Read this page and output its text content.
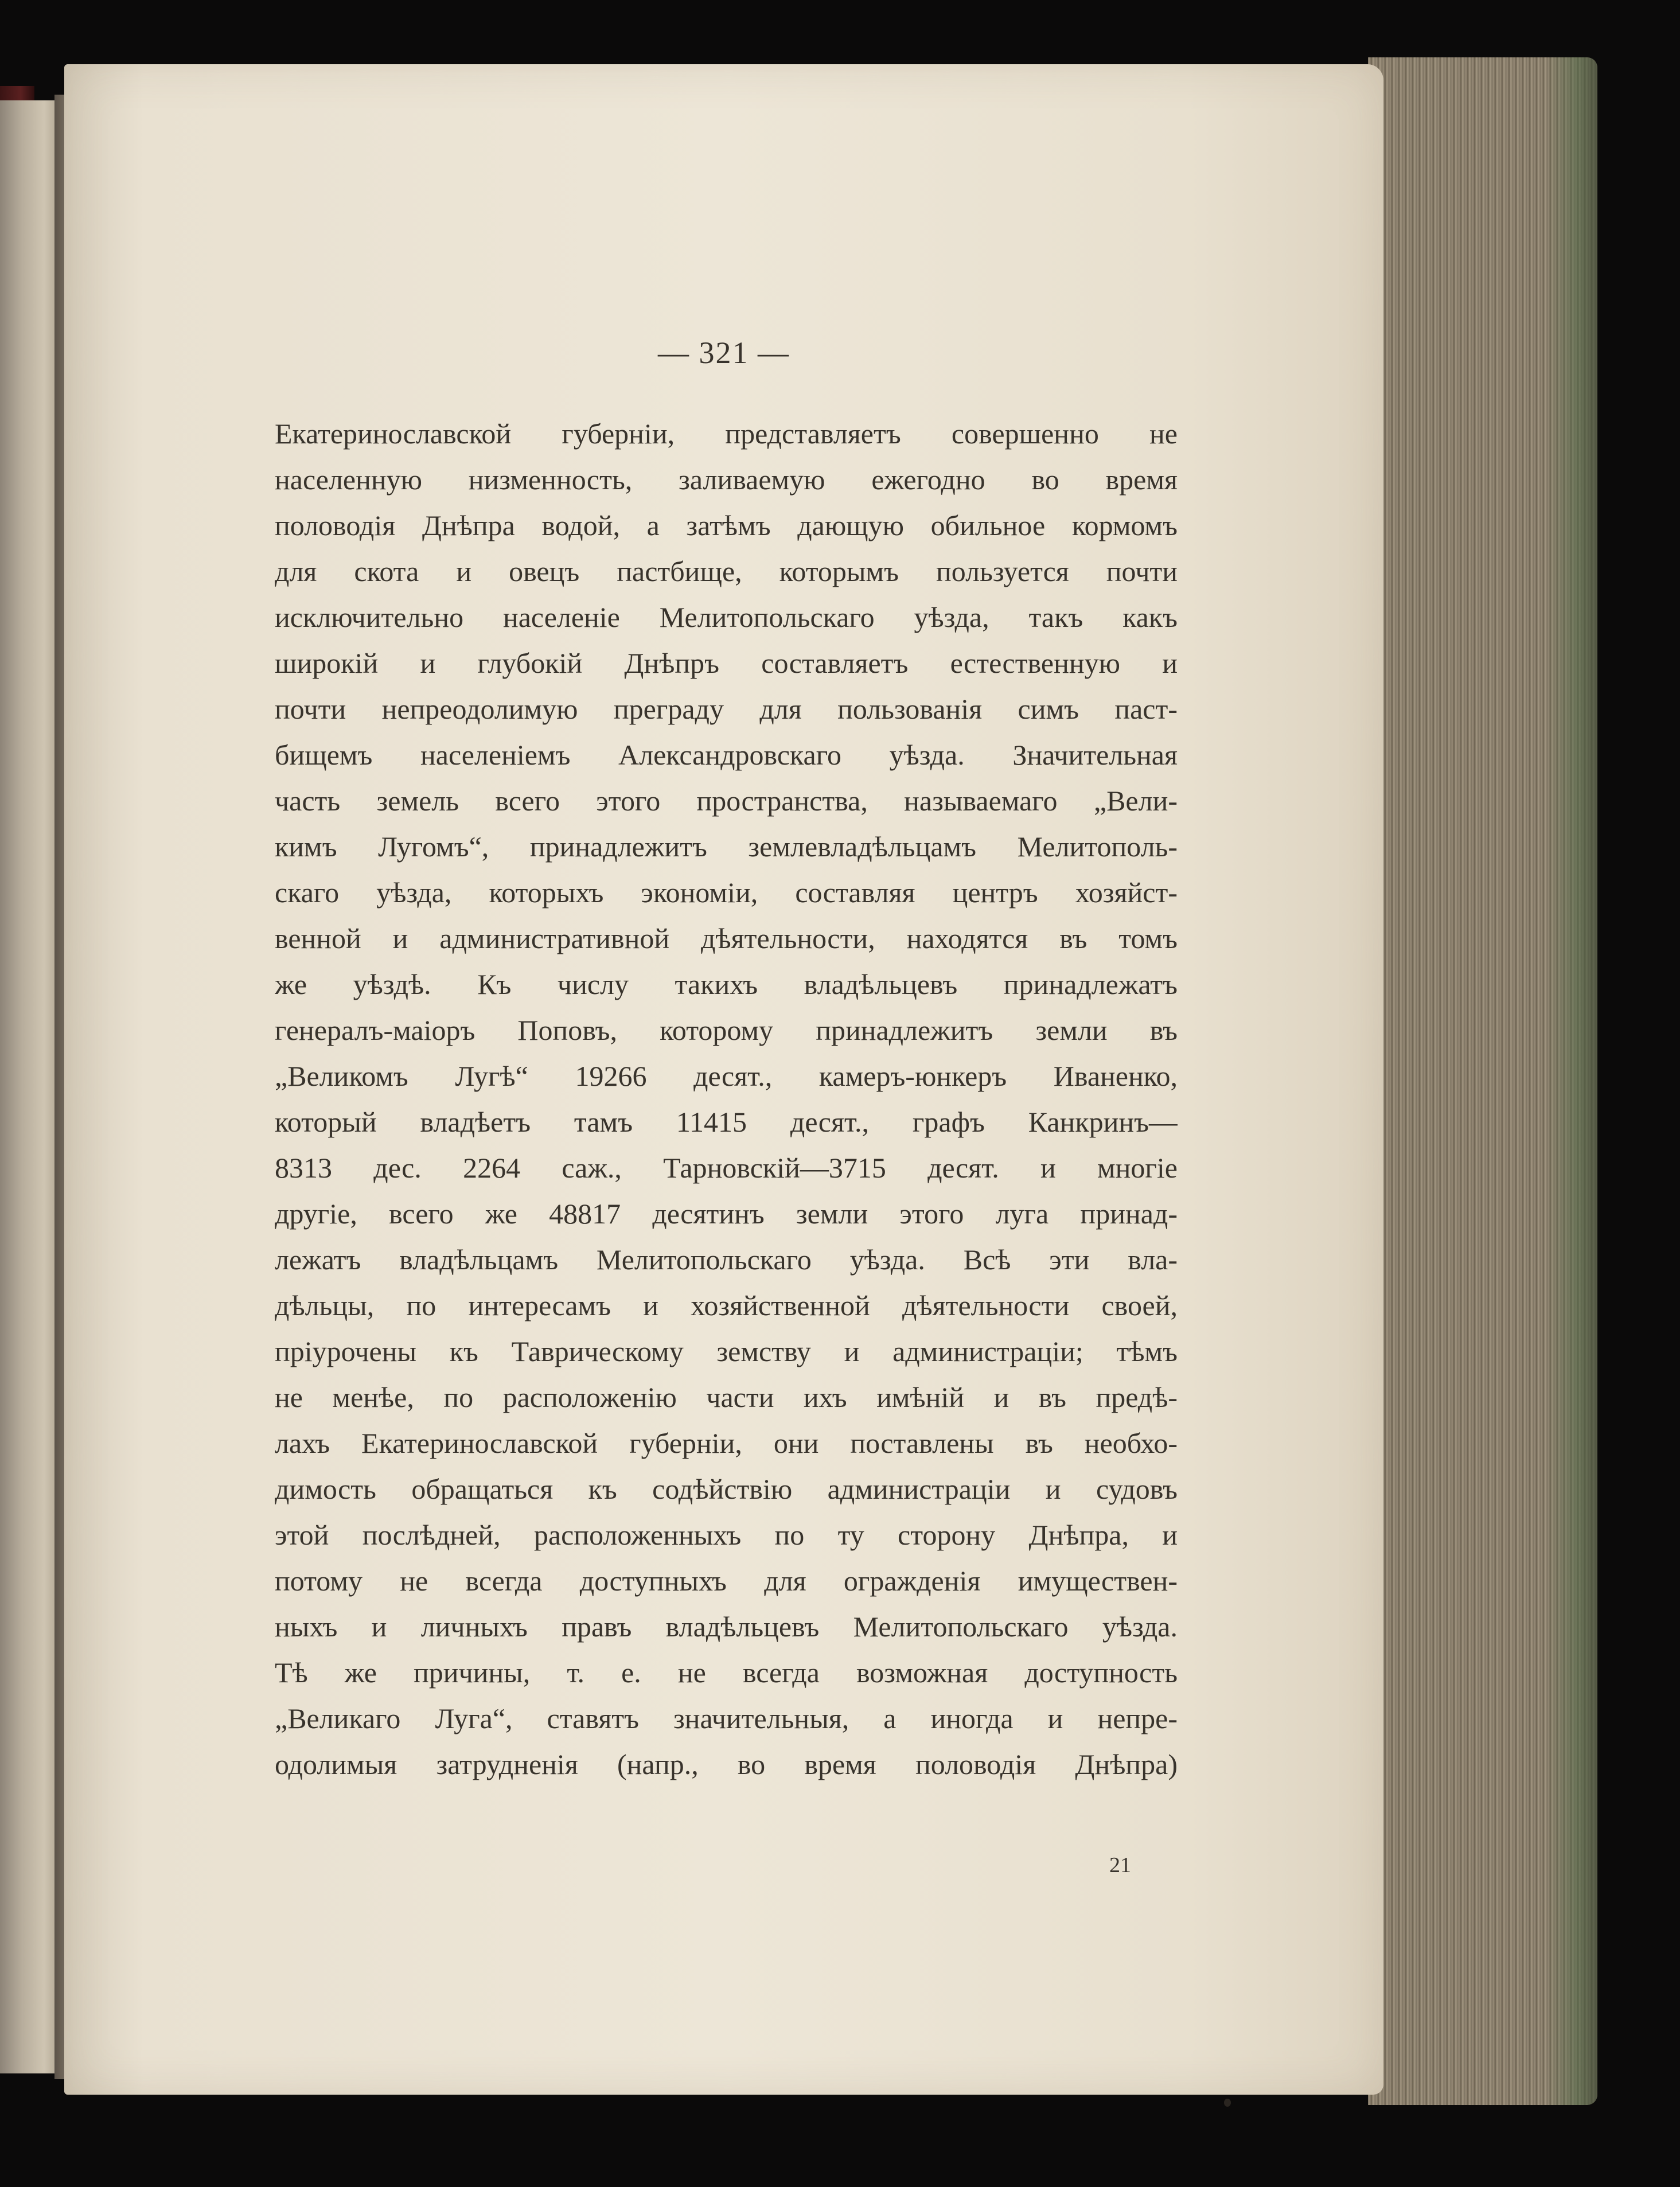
— 321 —
Екатеринославской губерніи, представляетъ совершенно не
населенную низменность, заливаемую ежегодно во время
половодія Днѣпра водой, а затѣмъ дающую обильное кормомъ
для скота и овецъ пастбище, которымъ пользуется почти
исключительно населеніе Мелитопольскаго уѣзда, такъ какъ
широкій и глубокій Днѣпръ составляетъ естественную и
почти непреодолимую преграду для пользованія симъ паст-
бищемъ населеніемъ Александровскаго уѣзда. Значительная
часть земель всего этого пространства, называемаго „Вели-
кимъ Лугомъ“, принадлежитъ землевладѣльцамъ Мелитополь-
скаго уѣзда, которыхъ экономіи, составляя центръ хозяйст-
венной и административной дѣятельности, находятся въ томъ
же уѣздѣ. Къ числу такихъ владѣльцевъ принадлежатъ
генералъ-маіоръ Поповъ, которому принадлежитъ земли въ
„Великомъ Лугѣ“ 19266 десят., камеръ-юнкеръ Иваненко,
который владѣетъ тамъ 11415 десят., графъ Канкринъ—
8313 дес. 2264 саж., Тарновскій—3715 десят. и многіе
другіе, всего же 48817 десятинъ земли этого луга принад-
лежатъ владѣльцамъ Мелитопольскаго уѣзда. Всѣ эти вла-
дѣльцы, по интересамъ и хозяйственной дѣятельности своей,
пріурочены къ Таврическому земству и администраціи; тѣмъ
не менѣе, по расположенію части ихъ имѣній и въ предѣ-
лахъ Екатеринославской губерніи, они поставлены въ необхо-
димость обращаться къ содѣйствію администраціи и судовъ
этой послѣдней, расположенныхъ по ту сторону Днѣпра, и
потому не всегда доступныхъ для огражденія имуществен-
ныхъ и личныхъ правъ владѣльцевъ Мелитопольскаго уѣзда.
Тѣ же причины, т. е. не всегда возможная доступность
„Великаго Луга“, ставятъ значительныя, а иногда и непре-
одолимыя затрудненія (напр., во время половодія Днѣпра)
21
